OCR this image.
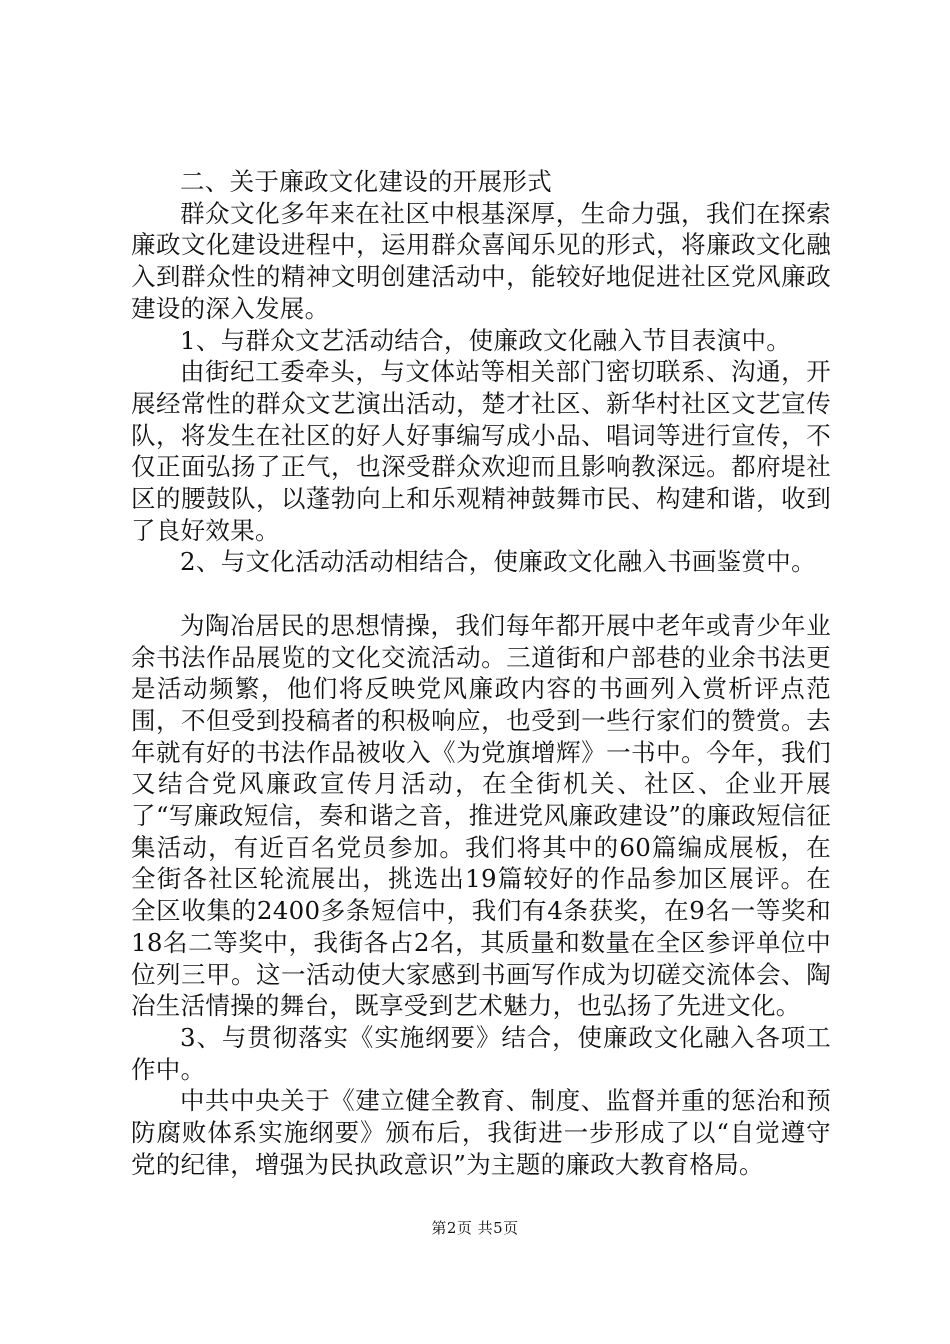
二、关于廉政文化建设的开展形式

群众文化多年来在社区中根基深厚，生命力强，我们在探索廉政文化建设进程中，运用群众喜闻乐见的形式，将廉政文化融入到群众性的精神文明创建活动中，能较好地促进社区党风廉政建设的深入发展。

1、与群众文艺活动结合，使廉政文化融入节目表演中。

由街纪工委牵头，与文体站等相关部门密切联系、沟通，开展经常性的群众文艺演出活动，楚才社区、新华村社区文艺宣传队，将发生在社区的好人好事编写成小品、唱词等进行宣传，不仅正面弘扬了正气，也深受群众欢迎而且影响教深远。都府堤社区的腰鼓队，以蓬勃向上和乐观精神鼓舞市民、构建和谐，收到了良好效果。

2、与文化活动活动相结合，使廉政文化融入书画鉴赏中。

为陶冶居民的思想情操，我们每年都开展中老年或青少年业余书法作品展览的文化交流活动。三道街和户部巷的业余书法更是活动频繁，他们将反映党风廉政内容的书画列入赏析评点范围，不但受到投稿者的积极响应，也受到一些行家们的赞赏。去年就有好的书法作品被收入《为党旗增辉》一书中。今年，我们又结合党风廉政宣传月活动，在全街机关、社区、企业开展了“写廉政短信，奏和谐之音，推进党风廉政建设”的廉政短信征集活动，有近百名党员参加。我们将其中的60篇编成展板，在全街各社区轮流展出，挑选出19篇较好的作品参加区展评。在全区收集的2400多条短信中，我们有4条获奖，在9名一等奖和18名二等奖中，我街各占2名，其质量和数量在全区参评单位中位列三甲。这一活动使大家感到书画写作成为切磋交流体会、陶冶生活情操的舞台，既享受到艺术魅力，也弘扬了先进文化。

3、与贯彻落实《实施纲要》结合，使廉政文化融入各项工作中。

中共中央关于《建立健全教育、制度、监督并重的惩治和预防腐败体系实施纲要》颁布后，我街进一步形成了以“自觉遵守党的纪律，增强为民执政意识”为主题的廉政大教育格局。

第2页 共5页
